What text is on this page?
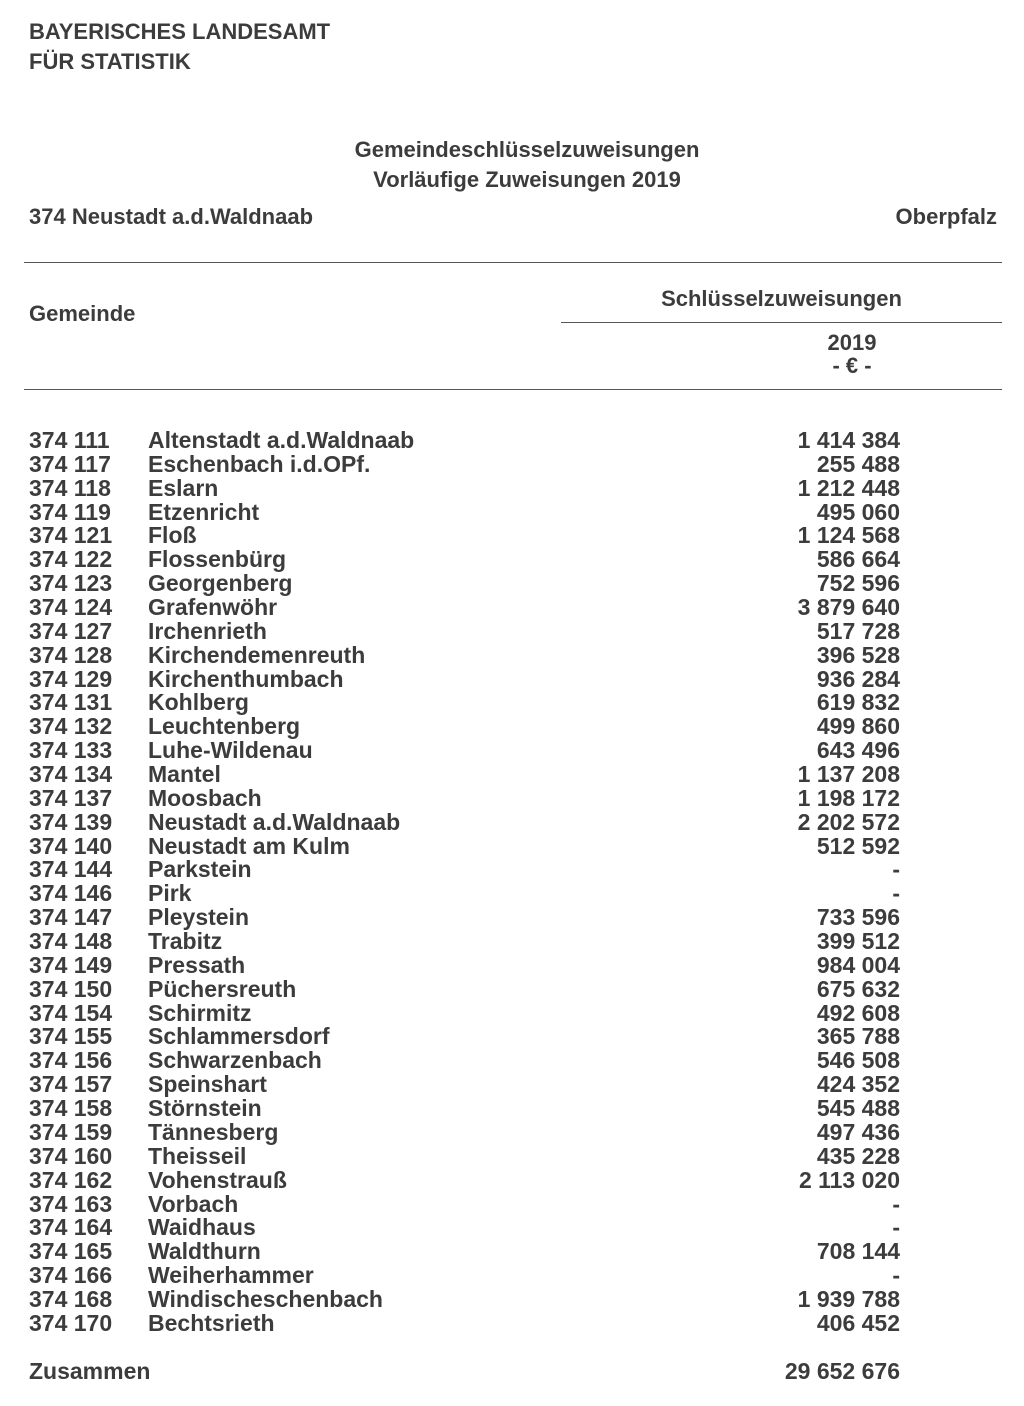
BAYERISCHES LANDESAMT
FÜR STATISTIK
Gemeindeschlüsselzuweisungen
Vorläufige Zuweisungen 2019
374 Neustadt a.d.Waldnaab	Oberpfalz
Gemeinde
Schlüsselzuweisungen
2019
- € -
374 111 Altenstadt a.d.Waldnaab	1 414 384
374 117 Eschenbach i.d.OPf.	255 488
374 118 Eslarn	1 212 448
374 119 Etzenricht	495 060
374 121 Floß	1 124 568
374 122 Flossenbürg	586 664
374 123 Georgenberg	752 596
374 124 Grafenwöhr	3 879 640
374 127 Irchenrieth	517 728
374 128 Kirchendemenreuth	396 528
374 129 Kirchenthumbach	936 284
374 131 Kohlberg	619 832
374 132 Leuchtenberg	499 860
374 133 Luhe-Wildenau	643 496
374 134 Mantel	1 137 208
374 137 Moosbach	1 198 172
374 139 Neustadt a.d.Waldnaab	2 202 572
374 140 Neustadt am Kulm	512 592
374 144 Parkstein	-
374 146 Pirk	-
374 147 Pleystein	733 596
374 148 Trabitz	399 512
374 149 Pressath	984 004
374 150 Püchersreuth	675 632
374 154 Schirmitz	492 608
374 155 Schlammersdorf	365 788
374 156 Schwarzenbach	546 508
374 157 Speinshart	424 352
374 158 Störnstein	545 488
374 159 Tännesberg	497 436
374 160 Theisseil	435 228
374 162 Vohenstrauß	2 113 020
374 163 Vorbach	-
374 164 Waidhaus	-
374 165 Waldthurn	708 144
374 166 Weiherhammer	-
374 168 Windischeschenbach	1 939 788
374 170 Bechtsrieth	406 452
Zusammen	29 652 676
